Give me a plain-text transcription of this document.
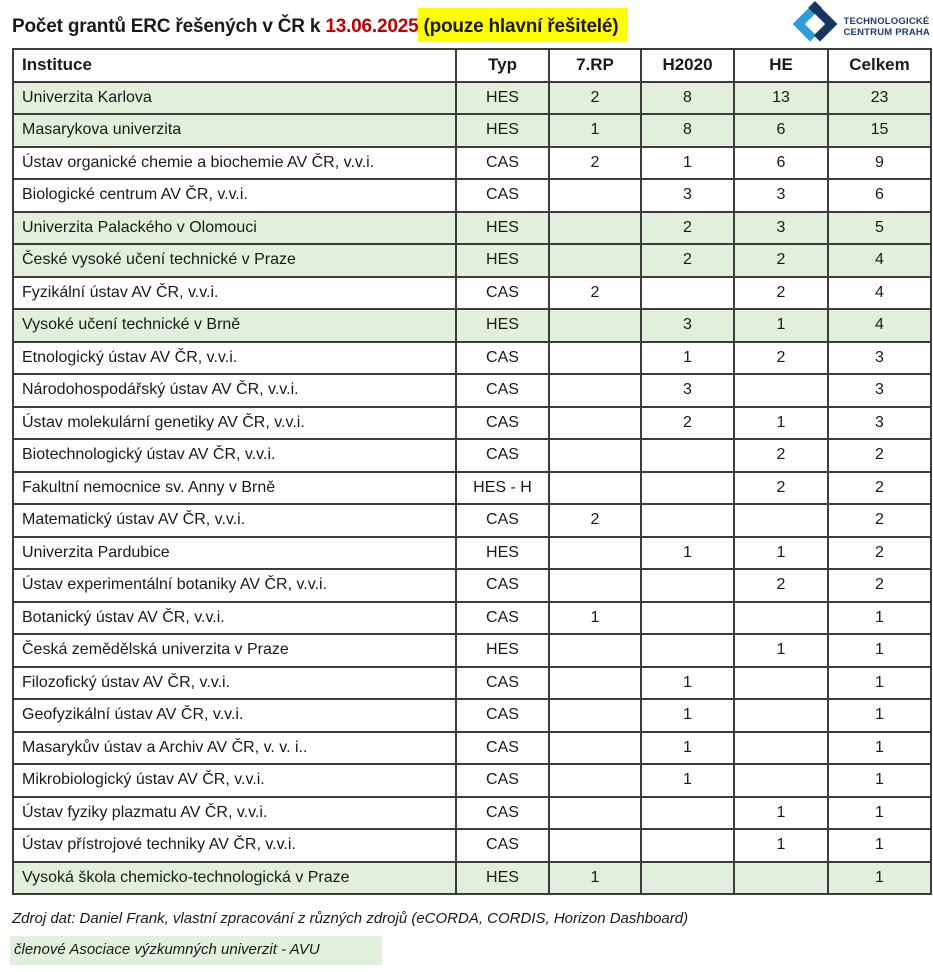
Počet grantů ERC řešených v ČR k 13.06.2025 (pouze hlavní řešitelé)	TECHNOLOGICKÉ
CENTRUM PRAHA
Instituce	Typ	7.RP	H2020	HE	Celkem
Univerzita Karlova	HES	2	8	13	23
Masarykova univerzita	HES	1	8	6	15
Ústav organické chemie a biochemie AV ČR, v.v.i.	CAS	2	1	6	9
Biologické centrum AV ČR, v.v.i.	CAS		3	3	6
Univerzita Palackého v Olomouci	HES		2	3	5
České vysoké učení technické v Praze	HES		2	2	4
Fyzikální ústav AV ČR, v.v.i.	CAS	2		2	4
Vysoké učení technické v Brně	HES		3	1	4
Etnologický ústav AV ČR, v.v.i.	CAS		1	2	3
Národohospodářský ústav AV ČR, v.v.i.	CAS		3		3
Ústav molekulární genetiky AV ČR, v.v.i.	CAS		2	1	3
Biotechnologický ústav AV ČR, v.v.i.	CAS			2	2
Fakultní nemocnice sv. Anny v Brně	HES - H			2	2
Matematický ústav AV ČR, v.v.i.	CAS	2			2
Univerzita Pardubice	HES		1	1	2
Ústav experimentální botaniky AV ČR, v.v.i.	CAS			2	2
Botanický ústav AV ČR, v.v.i.	CAS	1			1
Česká zemědělská univerzita v Praze	HES			1	1
Filozofický ústav AV ČR, v.v.i.	CAS		1		1
Geofyzikální ústav AV ČR, v.v.i.	CAS		1		1
Masarykův ústav a Archiv AV ČR, v. v. i..	CAS		1		1
Mikrobiologický ústav AV ČR, v.v.i.	CAS		1		1
Ústav fyziky plazmatu AV ČR, v.v.i.	CAS			1	1
Ústav přístrojové techniky AV ČR, v.v.i.	CAS			1	1
Vysoká škola chemicko-technologická v Praze	HES	1			1
Zdroj dat: Daniel Frank, vlastní zpracování z různých zdrojů (eCORDA, CORDIS, Horizon Dashboard)
členové Asociace výzkumných univerzit - AVU
